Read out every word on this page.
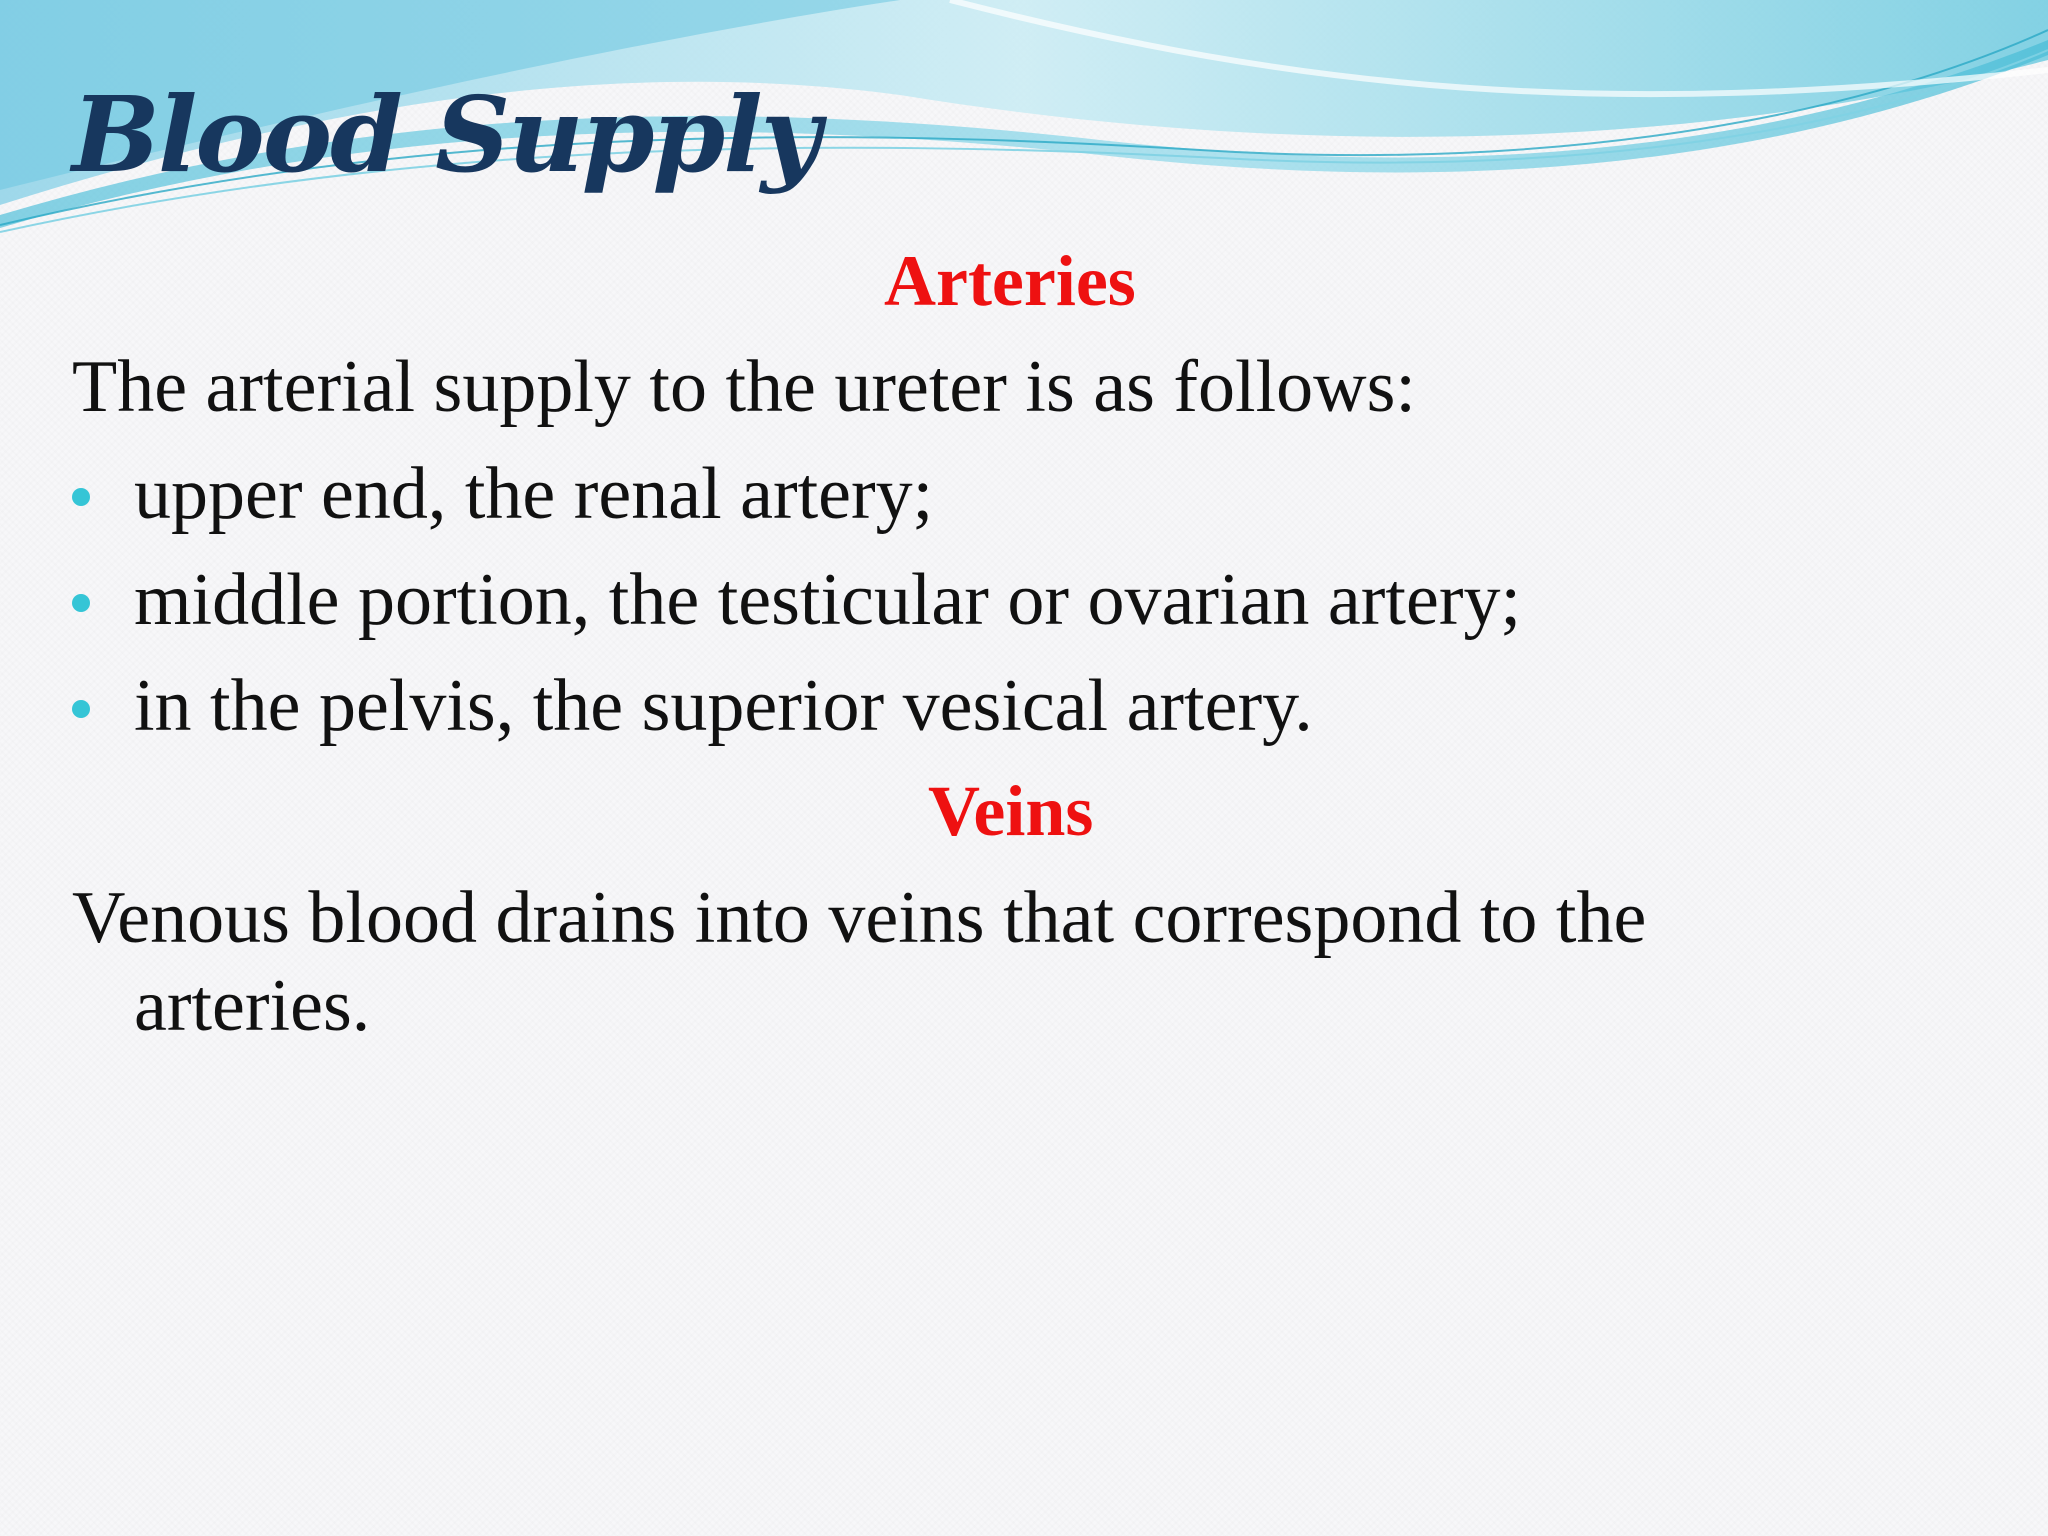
Blood Supply
Arteries

The arterial supply to the ureter is as follows:

upper end, the renal artery;
middle portion, the testicular or ovarian artery;
in the pelvis, the superior vesical artery.
Veins

Venous blood drains into veins that correspond to the

arteries.
